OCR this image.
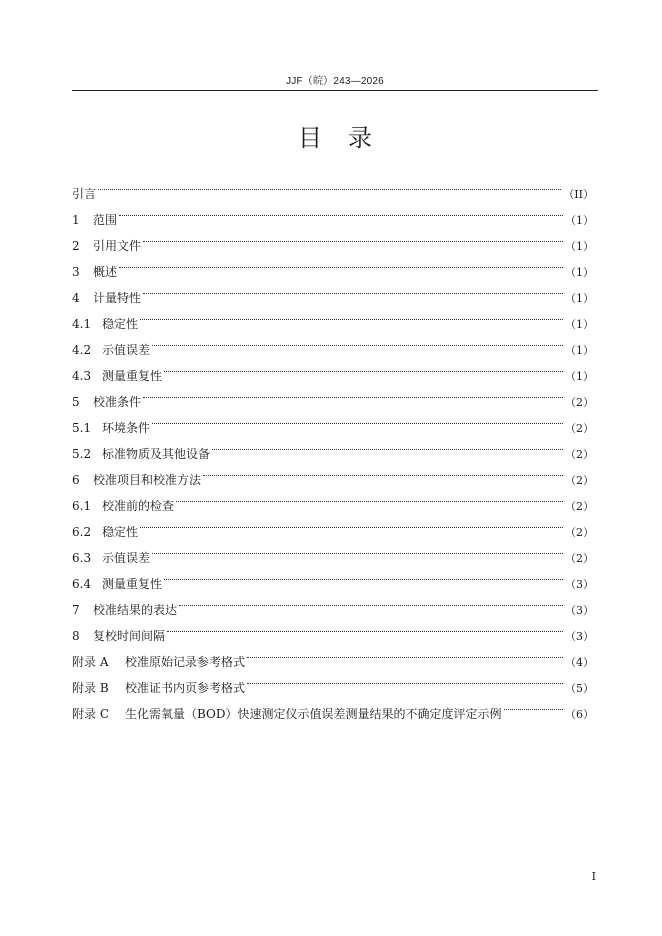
JJF（皖）243—2026
目录
引言	（II）
1	范围	（1）
2	引用文件	（1）
3	概述	（1）
4	计量特性	（1）
4.1 稳定性	（1）
4.2 示值误差	（1）
4.3 测量重复性	（1）
5	校准条件	（2）
5.1 环境条件	（2）
5.2 标准物质及其他设备	（2）
6	校准项目和校准方法	（2）
6.1 校准前的检查	（2）
6.2 稳定性	（2）
6.3 示值误差	（2）
6.4 测量重复性	（3）
7	校准结果的表达	（3）
8	复校时间间隔	（3）
附录 A	校准原始记录参考格式	（4）
附录 B	校准证书内页参考格式	（5）
附录 C	生化需氧量（BOD）快速测定仪示值误差测量结果的不确定度评定示例	（6）
I
